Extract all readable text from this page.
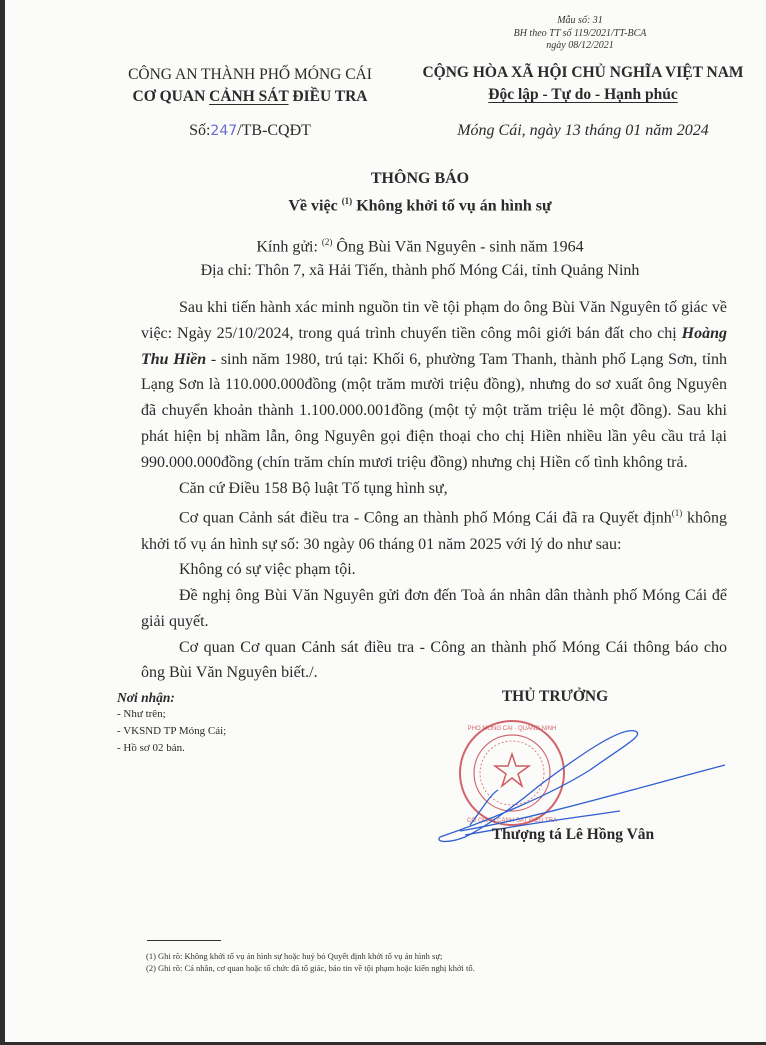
Mẫu số: 31
BH theo TT số 119/2021/TT-BCA
ngày 08/12/2021
CÔNG AN THÀNH PHỐ MÓNG CÁI
CƠ QUAN CẢNH SÁT ĐIỀU TRA
CỘNG HÒA XÃ HỘI CHỦ NGHĨA VIỆT NAM
Độc lập - Tự do - Hạnh phúc
Số:247/TB-CQĐT	Móng Cái, ngày 13 tháng 01 năm 2024
THÔNG BÁO
Về việc $^{(1)}$ Không khởi tố vụ án hình sự
Kính gửi: $^{(2)}$ Ông Bùi Văn Nguyên - sinh năm 1964
Địa chỉ: Thôn 7, xã Hải Tiến, thành phố Móng Cái, tỉnh Quảng Ninh

Sau khi tiến hành xác minh nguồn tin về tội phạm do ông Bùi Văn Nguyên tố giác về việc: Ngày 25/10/2024, trong quá trình chuyển tiền công môi giới bán đất cho chị Hoàng Thu Hiền - sinh năm 1980, trú tại: Khối 6, phường Tam Thanh, thành phố Lạng Sơn, tỉnh Lạng Sơn là 110.000.000đồng (một trăm mười triệu đồng), nhưng do sơ xuất ông Nguyên đã chuyển khoản thành 1.100.000.001đồng (một tỷ một trăm triệu lẻ một đồng). Sau khi phát hiện bị nhầm lẫn, ông Nguyên gọi điện thoại cho chị Hiền nhiều lần yêu cầu trả lại 990.000.000đồng (chín trăm chín mươi triệu đồng) nhưng chị Hiền cố tình không trả.

Căn cứ Điều 158 Bộ luật Tố tụng hình sự,

Cơ quan Cảnh sát điều tra - Công an thành phố Móng Cái đã ra Quyết định$^{(1)}$ không khởi tố vụ án hình sự số: 30 ngày 06 tháng 01 năm 2025 với lý do như sau:

Không có sự việc phạm tội.

Đề nghị ông Bùi Văn Nguyên gửi đơn đến Toà án nhân dân thành phố Móng Cái để giải quyết.

Cơ quan Cơ quan Cảnh sát điều tra - Công an thành phố Móng Cái thông báo cho ông Bùi Văn Nguyên biết./.

Nơi nhận:
- Như trên;
- VKSND TP Móng Cái;
- Hồ sơ 02 bản.
THỦ TRƯỞNG
PHỐ MÓNG CÁI · QUẢNG NINH
CƠ QUAN CẢNH SÁT ĐIỀU TRA
Thượng tá Lê Hồng Vân
(1) Ghi rõ: Không khởi tố vụ án hình sự hoặc huỷ bỏ Quyết định khởi tố vụ án hình sự;
(2) Ghi rõ: Cá nhân, cơ quan hoặc tổ chức đã tố giác, báo tin về tội phạm hoặc kiến nghị khởi tố.
